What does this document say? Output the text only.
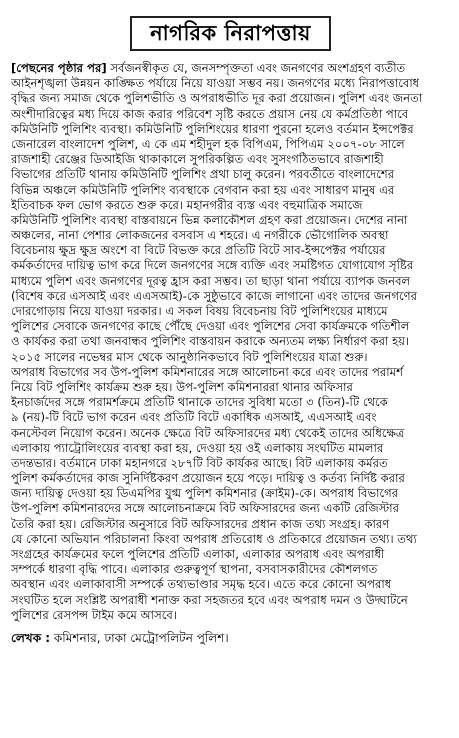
নাগরিক নিরাপত্তায়
[পেছনের পৃষ্ঠার পর] সর্বজনস্বীকৃত যে, জনসম্পৃক্ততা এবং জনগণের অংশগ্রহণ ব্যতীত
আইনশৃঙ্খলা উন্নয়ন কাঙ্ক্ষিত পর্যায়ে নিয়ে যাওয়া সম্ভব নয়। জনগণের মধ্যে নিরাপত্তাবোধ
বৃদ্ধির জন্য সমাজ থেকে পুলিশভীতি ও অপরাধভীতি দূর করা প্রয়োজন। পুলিশ এবং জনতা
অংশীদারিত্বের মধ্য দিয়ে কাজ করার পরিবেশ সৃষ্টি করতে প্রয়াস নেয় যে কর্মপ্রতিষ্ঠা পাবে
কমিউনিটি পুলিশিং ব্যবস্থা। কমিউনিটি পুলিশিংয়ের ধারণা পুরনো হলেও বর্তমান ইন্সপেক্টর
জেনারেল বাংলাদেশ পুলিশ, এ কে এম শহীদুল হক বিপিএম, পিপিএম ২০০৭-০৮ সালে
রাজশাহী রেঞ্জের ডিআইজি থাকাকালে সুপরিকল্পিত এবং সুসংগঠিতভাবে রাজশাহী
বিভাগের প্রতিটি থানায় কমিউনিটি পুলিশিং প্রথা চালু করেন। পরবর্তীতে বাংলাদেশের
বিভিন্ন অঞ্চলে কমিউনিটি পুলিশিং ব্যবস্থাকে বেগবান করা হয় এবং সাধারণ মানুষ এর
ইতিবাচক ফল ভোগ করতে শুরু করে। মহানগরীর ব্যস্ত এবং বহুমাত্রিক সমাজে
কমিউনিটি পুলিশিং ব্যবস্থা বাস্তবায়নে ভিন্ন কলাকৌশল গ্রহণ করা প্রয়োজন। দেশের নানা
অঞ্চলের, নানা পেশার লোকজনের বসবাস এ শহরে। এ নগরীকে ভৌগোলিক অবস্থা
বিবেচনায় ক্ষুদ্র ক্ষুদ্র অংশে বা বিটে বিভক্ত করে প্রতিটি বিটে সাব-ইন্সপেক্টর পর্যায়ের
কর্মকর্তাদের দায়িত্ব ভাগ করে দিলে জনগণের সঙ্গে ব্যক্তি এবং সমষ্টিগত যোগাযোগ সৃষ্টির
মাধ্যমে পুলিশ এবং জনগণের দূরত্ব হ্রাস করা সম্ভব। তা ছাড়া থানা পর্যায়ে ব্যাপক জনবল
(বিশেষ করে এসআই এবং এএসআই)-কে সুষ্ঠুভাবে কাজে লাগানো এবং তাদের জনগণের
দোরগোড়ায় নিয়ে যাওয়া দরকার। এ সকল বিষয় বিবেচনায় বিট পুলিশিংয়ের মাধ্যমে
পুলিশের সেবাকে জনগণের কাছে পৌঁছে দেওয়া এবং পুলিশের সেবা কার্যক্রমকে গতিশীল
ও কার্যকর করা তথা জনবান্ধব পুলিশিং বাস্তবায়ন করাকে অন্যতম লক্ষ্য নির্ধারণ করা হয়।
২০১৫ সালের নভেম্বর মাস থেকে আনুষ্ঠানিকভাবে বিট পুলিশিংয়ের যাত্রা শুরু।
অপরাধ বিভাগের সব উপ-পুলিশ কমিশনারের সঙ্গে আলোচনা করে এবং তাদের পরামর্শ
নিয়ে বিট পুলিশিং কার্যক্রম শুরু হয়। উপ-পুলিশ কমিশনাররা থানার অফিসার
ইনচার্জদের সঙ্গে পরামর্শক্রমে প্রতিটি থানাকে তাদের সুবিধা মতো ৩ (তিন)-টি থেকে
৯ (নয়)-টি বিটে ভাগ করেন এবং প্রতিটি বিটে একাধিক এসআই, এএসআই এবং
কনস্টেবল নিয়োগ করেন। অনেক ক্ষেত্রে বিট অফিসারদের মধ্য থেকেই তাদের অধিক্ষেত্র
এলাকায় প্যাট্রোলিংয়ের ব্যবস্থা করা হয়, দেওয়া হয় ওই এলাকায় সংঘটিত মামলার
তদন্তভার। বর্তমানে ঢাকা মহানগরে ২৮৭টি বিট কার্যকর আছে। বিট এলাকায় কর্মরত
পুলিশ কর্মকর্তাদের কাজ সুনির্দিষ্টকরণ প্রয়োজন হয়ে পড়ে। দায়িত্ব ও কর্তব্য নির্দিষ্ট করার
জন্য দায়িত্ব দেওয়া হয় ডিএমপির যুগ্ম পুলিশ কমিশনার (ক্রাইম)-কে। অপরাধ বিভাগের
উপ-পুলিশ কমিশনারদের সঙ্গে আলোচনাক্রমে বিট অফিসারদের জন্য একটি রেজিস্টার
তৈরি করা হয়। রেজিস্টার অনুসারে বিট অফিসারদের প্রধান কাজ তথ্য সংগ্রহ। কারণ
যে কোনো অভিযান পরিচালনা কিংবা অপরাধ প্রতিরোধ ও প্রতিকারে প্রয়োজন তথ্য। তথ্য
সংগ্রহের কার্যক্রমের ফলে পুলিশের প্রতিটি এলাকা, এলাকার অপরাধ এবং অপরাধী
সম্পর্কে ধারণা বৃদ্ধি পাবে। এলাকার গুরুত্বপূর্ণ স্থাপনা, বসবাসকারীদের কৌশলগত
অবস্থান এবং এলাকাবাসী সম্পর্কে তথ্যভাণ্ডার সমৃদ্ধ হবে। এতে করে কোনো অপরাধ
সংঘটিত হলে সংশ্লিষ্ট অপরাধী শনাক্ত করা সহজতর হবে এবং অপরাধ দমন ও উদ্ঘাটনে
পুলিশের রেসপন্স টাইম কমে আসবে।
লেখক : কমিশনার, ঢাকা মেট্রোপলিটন পুলিশ।
